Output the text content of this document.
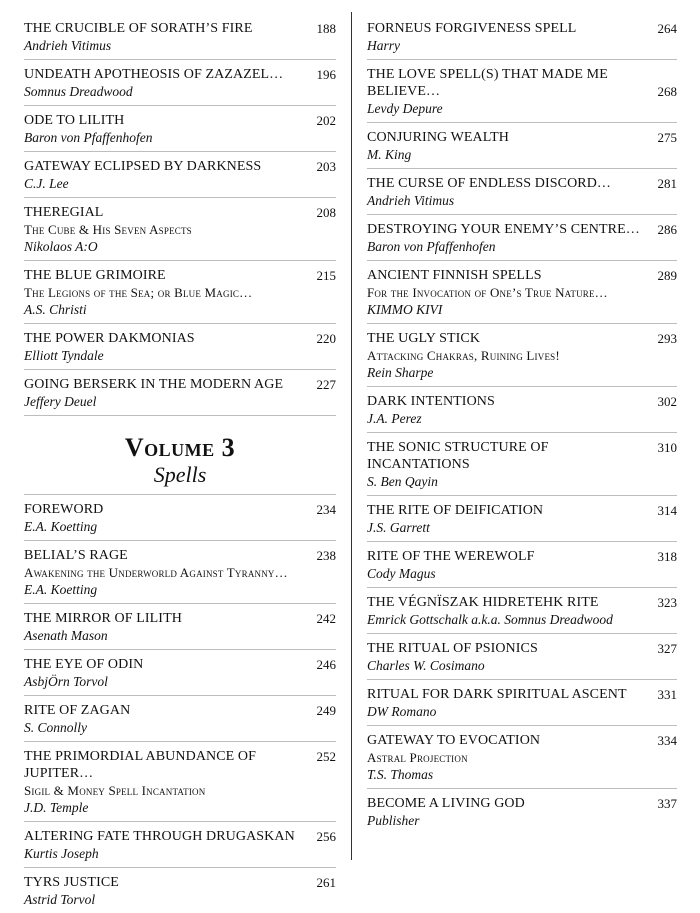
THE CRUCIBLE OF SORATH’S FIRE	188
Andrieh Vitimus
UNDEATH APOTHEOSIS OF ZAZAZEL…	196
Somnus Dreadwood
ODE TO LILITH	202
Baron von Pfaffenhofen
GATEWAY ECLIPSED BY DARKNESS	203
C.J. Lee
THEREGIAL	208
The Cube & His Seven Aspects
Nikolaos A:O
THE BLUE GRIMOIRE	215
The Legions of the Sea; or Blue Magic…
A.S. Christi
THE POWER DAKMONIAS	220
Elliott Tyndale
GOING BERSERK IN THE MODERN AGE	227
Jeffery Deuel
Volume 3
Spells
FOREWORD	234
E.A. Koetting
BELIAL’S RAGE	238
Awakening the Underworld Against Tyranny…
E.A. Koetting
THE MIRROR OF LILITH	242
Asenath Mason
THE EYE OF ODIN	246
AsbjÖrn Torvol
RITE OF ZAGAN	249
S. Connolly
THE PRIMORDIAL ABUNDANCE OF JUPITER…
252
Sigil & Money Spell Incantation
J.D. Temple
ALTERING FATE THROUGH DRUGASKAN	256
Kurtis Joseph
TYRS JUSTICE	261
Astrid Torvol
FORNEUS FORGIVENESS SPELL	264
Harry
THE LOVE SPELL(S) THAT MADE ME BELIEVE…	268
Levdy Depure
CONJURING WEALTH	275
M. King
THE CURSE OF ENDLESS DISCORD…	281
Andrieh Vitimus
DESTROYING YOUR ENEMY’S CENTRE…	286
Baron von Pfaffenhofen
ANCIENT FINNISH SPELLS	289
For the Invocation of One’s True Nature…
KIMMO KIVI
THE UGLY STICK	293
Attacking Chakras, Ruining Lives!
Rein Sharpe
DARK INTENTIONS	302
J.A. Perez
THE SONIC STRUCTURE OF INCANTATIONS
310
S. Ben Qayin
THE RITE OF DEIFICATION	314
J.S. Garrett
RITE OF THE WEREWOLF	318
Cody Magus
THE VÉGNÏSZAK HIDRETEHK RITE	323
Emrick Gottschalk a.k.a. Somnus Dreadwood
THE RITUAL OF PSIONICS	327
Charles W. Cosimano
RITUAL FOR DARK SPIRITUAL ASCENT	331
DW Romano
GATEWAY TO EVOCATION	334
Astral Projection
T.S. Thomas
BECOME A LIVING GOD	337
Publisher
